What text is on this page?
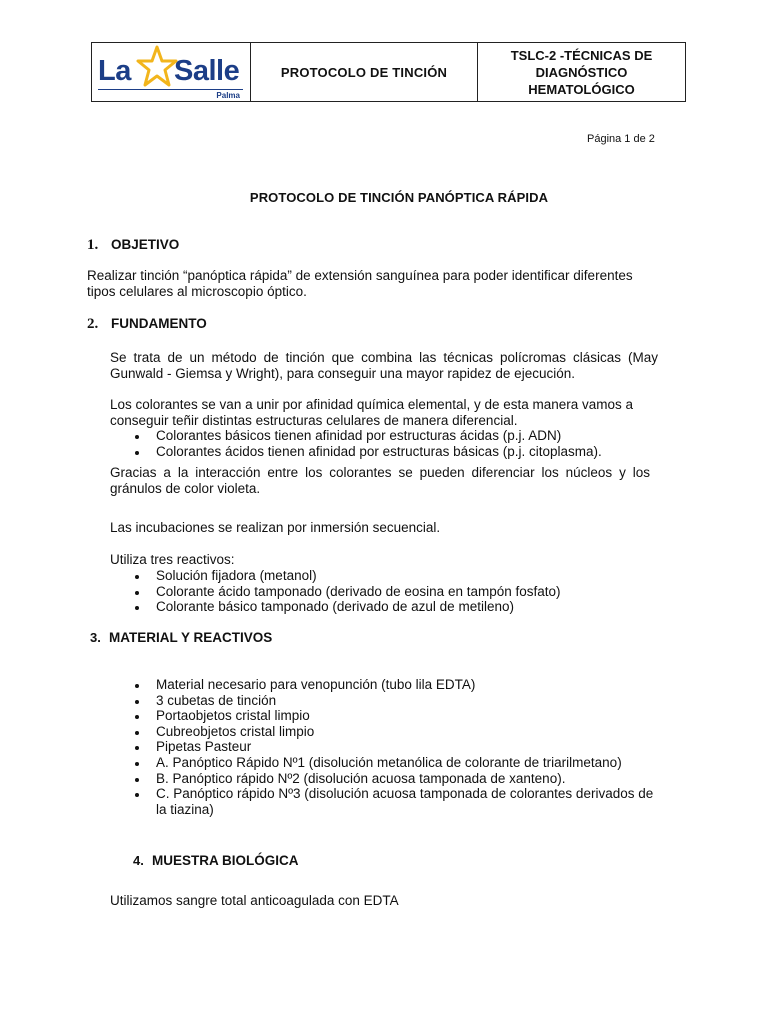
La Salle
Palma
PROTOCOLO DE TINCIÓN
TSLC-2 -TÉCNICAS DE
DIAGNÓSTICO
HEMATOLÓGICO
Página 1 de 2
PROTOCOLO DE TINCIÓN PANÓPTICA RÁPIDA
1. OBJETIVO
Realizar tinción “panóptica rápida” de extensión sanguínea para poder identificar diferentes
tipos celulares al microscopio óptico.
2. FUNDAMENTO
Se trata de un método de tinción que combina las técnicas polícromas clásicas (May Gunwald - Giemsa y Wright), para conseguir una mayor rapidez de ejecución.
Los colorantes se van a unir por afinidad química elemental, y de esta manera vamos a
conseguir teñir distintas estructuras celulares de manera diferencial.
Colorantes básicos tienen afinidad por estructuras ácidas (p.j. ADN)
Colorantes ácidos tienen afinidad por estructuras básicas (p.j. citoplasma).
Gracias a la interacción entre los colorantes se pueden diferenciar los núcleos y los gránulos de color violeta.
Las incubaciones se realizan por inmersión secuencial.
Utiliza tres reactivos:
Solución fijadora (metanol)
Colorante ácido tamponado (derivado de eosina en tampón fosfato)
Colorante básico tamponado (derivado de azul de metileno)
3. MATERIAL Y REACTIVOS
Material necesario para venopunción (tubo lila EDTA)
3 cubetas de tinción
Portaobjetos cristal limpio
Cubreobjetos cristal limpio
Pipetas Pasteur
A. Panóptico Rápido Nº1 (disolución metanólica de colorante de triarilmetano)
B. Panóptico rápido Nº2 (disolución acuosa tamponada de xanteno).
C. Panóptico rápido Nº3 (disolución acuosa tamponada de colorantes derivados de la tiazina)
4. MUESTRA BIOLÓGICA
Utilizamos sangre total anticoagulada con EDTA
